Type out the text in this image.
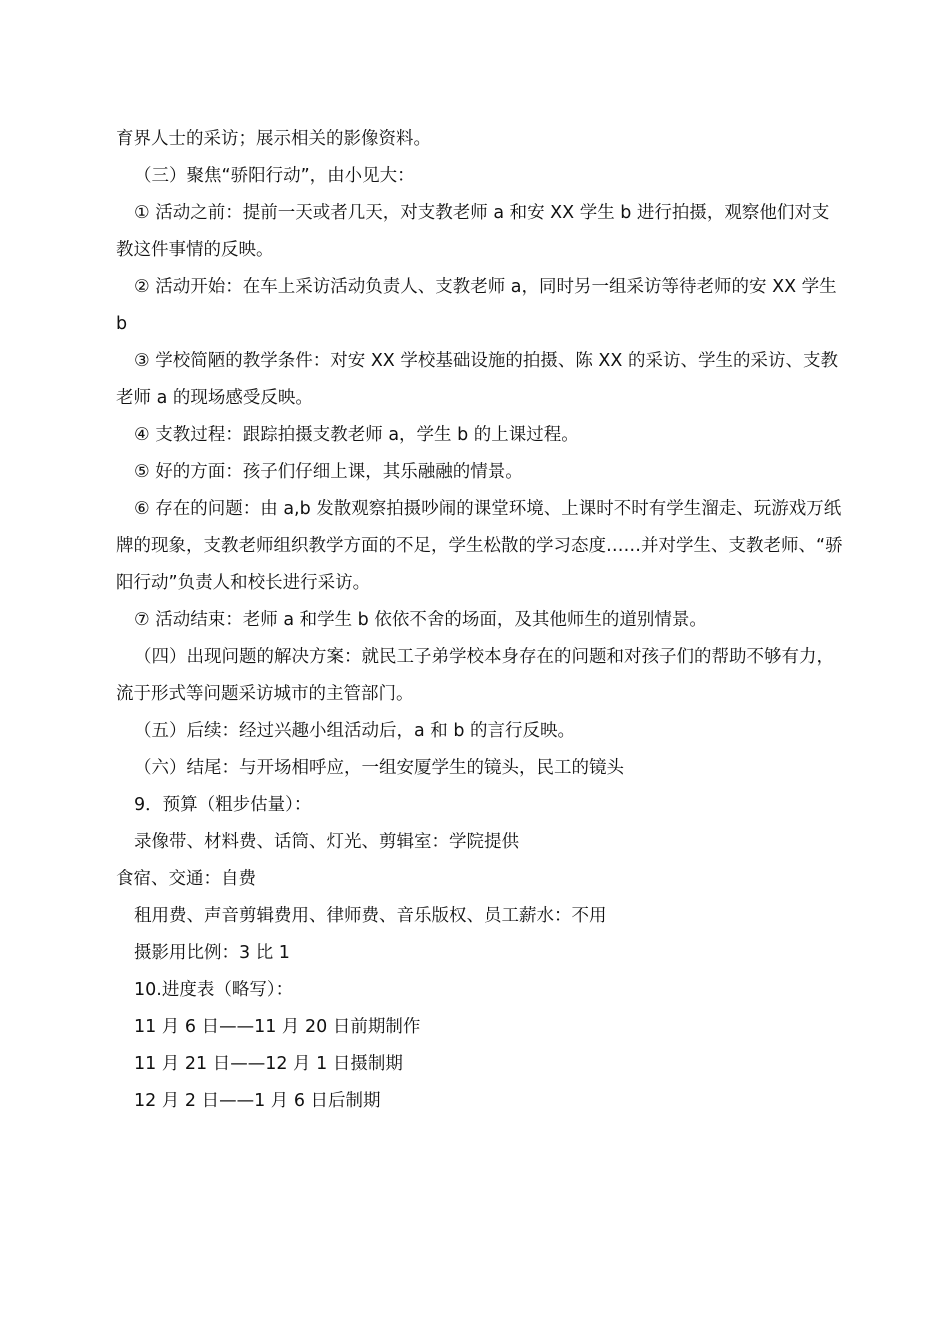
育界人士的采访；展示相关的影像资料。

（三）聚焦“骄阳行动”，由小见大：

① 活动之前：提前一天或者几天，对支教老师 a 和安 XX 学生 b 进行拍摄，观察他们对支教这件事情的反映。

② 活动开始：在车上采访活动负责人、支教老师 a，同时另一组采访等待老师的安 XX 学生 b

③ 学校简陋的教学条件：对安 XX 学校基础设施的拍摄、陈 XX 的采访、学生的采访、支教老师 a 的现场感受反映。

④ 支教过程：跟踪拍摄支教老师 a，学生 b 的上课过程。

⑤ 好的方面：孩子们仔细上课，其乐融融的情景。

⑥ 存在的问题：由 a,b 发散观察拍摄吵闹的课堂环境、上课时不时有学生溜走、玩游戏万纸牌的现象，支教老师组织教学方面的不足，学生松散的学习态度……并对学生、支教老师、“骄阳行动”负责人和校长进行采访。

⑦ 活动结束：老师 a 和学生 b 依依不舍的场面，及其他师生的道别情景。

（四）出现问题的解决方案：就民工子弟学校本身存在的问题和对孩子们的帮助不够有力，流于形式等问题采访城市的主管部门。

（五）后续：经过兴趣小组活动后，a 和 b 的言行反映。

（六）结尾：与开场相呼应，一组安厦学生的镜头，民工的镜头

9．预算（粗步估量）：

录像带、材料费、话筒、灯光、剪辑室：学院提供

食宿、交通：自费

租用费、声音剪辑费用、律师费、音乐版权、员工薪水：不用

摄影用比例：3 比 1

10.进度表（略写）：

11 月 6 日——11 月 20 日前期制作

11 月 21 日——12 月 1 日摄制期

12 月 2 日——1 月 6 日后制期
